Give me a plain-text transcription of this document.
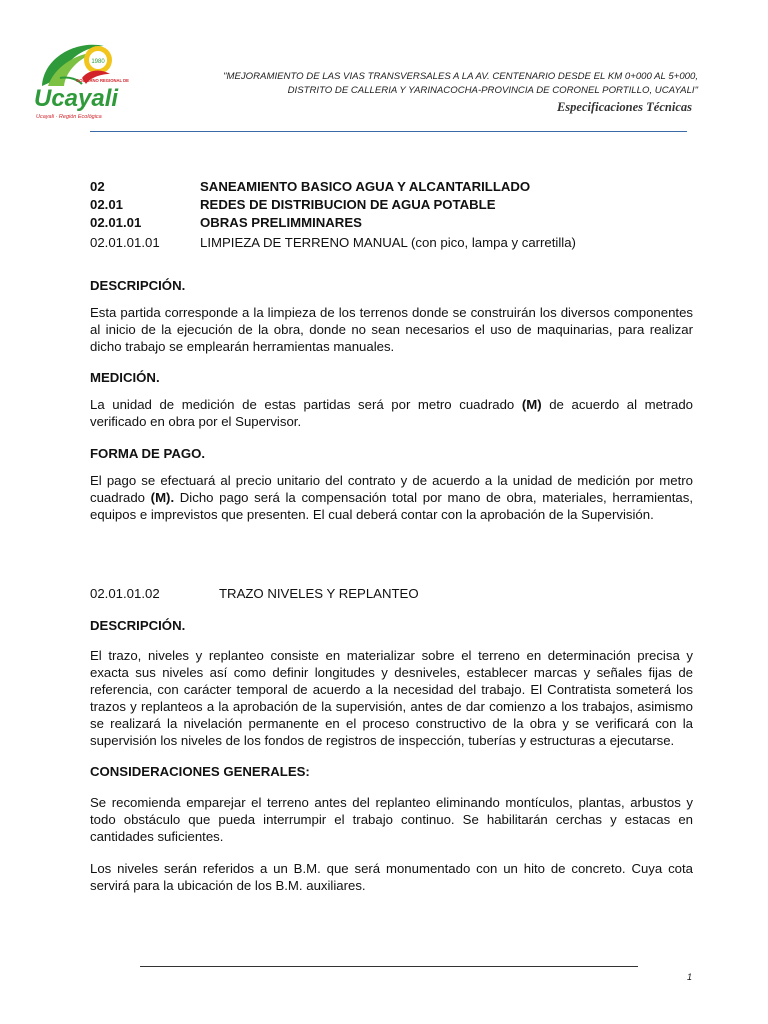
1980
GOBIERNO REGIONAL DE
Ucayali
Ucayali · Región Ecológica
"MEJORAMIENTO DE LAS VIAS TRANSVERSALES A LA AV. CENTENARIO DESDE EL KM 0+000 AL 5+000,
DISTRITO DE CALLERIA Y YARINACOCHA-PROVINCIA DE CORONEL PORTILLO, UCAYALI"
Especificaciones Técnicas
02	SANEAMIENTO BASICO AGUA Y ALCANTARILLADO
02.01	REDES DE DISTRIBUCION DE AGUA POTABLE
02.01.01	OBRAS PRELIMMINARES
02.01.01.01	LIMPIEZA DE TERRENO MANUAL (con pico, lampa y carretilla)
DESCRIPCIÓN.

Esta partida corresponde a la limpieza de los terrenos donde se construirán los diversos componentes al inicio de la ejecución de la obra, donde no sean necesarios el uso de maquinarias, para realizar dicho trabajo se emplearán herramientas manuales.

MEDICIÓN.

La unidad de medición de estas partidas será por metro cuadrado (M) de acuerdo al metrado verificado en obra por el Supervisor.

FORMA DE PAGO.

El pago se efectuará al precio unitario del contrato y de acuerdo a la unidad de medición por metro cuadrado (M). Dicho pago será la compensación total por mano de obra, materiales, herramientas, equipos e imprevistos que presenten. El cual deberá contar con la aprobación de la Supervisión.

02.01.01.02	TRAZO NIVELES Y REPLANTEO
DESCRIPCIÓN.

El trazo, niveles y replanteo consiste en materializar sobre el terreno en determinación precisa y exacta sus niveles así como definir longitudes y desniveles, establecer marcas y señales fijas de referencia, con carácter temporal de acuerdo a la necesidad del trabajo. El Contratista someterá los trazos y replanteos a la aprobación de la supervisión, antes de dar comienzo a los trabajos, asimismo se realizará la nivelación permanente en el proceso constructivo de la obra y se verificará con la supervisión los niveles de los fondos de registros de inspección, tuberías y estructuras a ejecutarse.

CONSIDERACIONES GENERALES:

Se recomienda emparejar el terreno antes del replanteo eliminando montículos, plantas, arbustos y todo obstáculo que pueda interrumpir el trabajo continuo. Se habilitarán cerchas y estacas en cantidades suficientes.

Los niveles serán referidos a un B.M. que será monumentado con un hito de concreto. Cuya cota servirá para la ubicación de los B.M. auxiliares.

1
